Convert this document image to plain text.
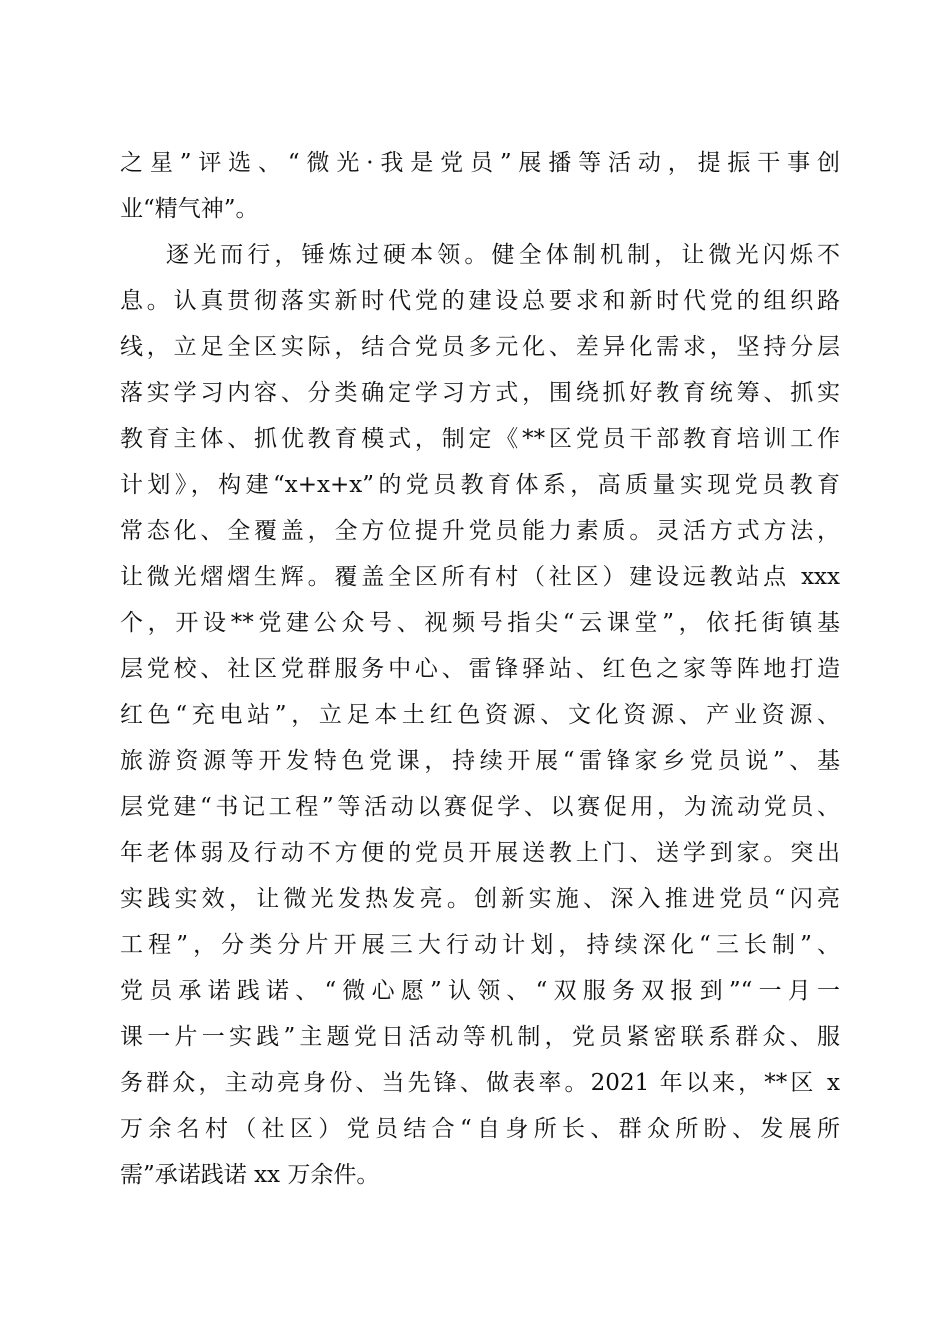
之星”评选、“微光·我是党员”展播等活动，提振干事创
业“精气神”。
逐光而行，锤炼过硬本领。健全体制机制，让微光闪烁不
息。认真贯彻落实新时代党的建设总要求和新时代党的组织路
线，立足全区实际，结合党员多元化、差异化需求，坚持分层
落实学习内容、分类确定学习方式，围绕抓好教育统筹、抓实
教育主体、抓优教育模式，制定《**区党员干部教育培训工作
计划》，构建“x+x+x”的党员教育体系，高质量实现党员教育
常态化、全覆盖，全方位提升党员能力素质。灵活方式方法，
让微光熠熠生辉。覆盖全区所有村（社区）建设远教站点 xxx
个，开设**党建公众号、视频号指尖“云课堂”，依托街镇基
层党校、社区党群服务中心、雷锋驿站、红色之家等阵地打造
红色“充电站”，立足本土红色资源、文化资源、产业资源、
旅游资源等开发特色党课，持续开展“雷锋家乡党员说”、基
层党建“书记工程”等活动以赛促学、以赛促用，为流动党员、
年老体弱及行动不方便的党员开展送教上门、送学到家。突出
实践实效，让微光发热发亮。创新实施、深入推进党员“闪亮
工程”，分类分片开展三大行动计划，持续深化“三长制”、
党员承诺践诺、“微心愿”认领、“双服务双报到”“一月一
课一片一实践”主题党日活动等机制，党员紧密联系群众、服
务群众，主动亮身份、当先锋、做表率。2021 年以来，**区 x
万余名村（社区）党员结合“自身所长、群众所盼、发展所
需”承诺践诺 xx 万余件。
